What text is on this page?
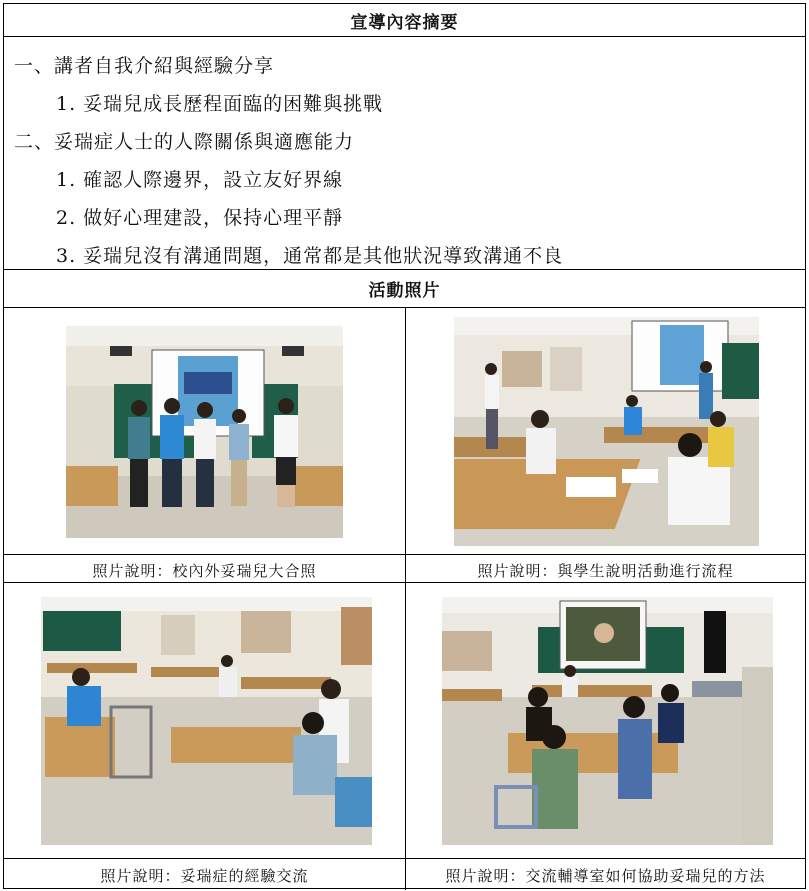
宣導內容摘要
一、講者自我介紹與經驗分享
1. 妥瑞兒成長歷程面臨的困難與挑戰
二、妥瑞症人士的人際關係與適應能力
1. 確認人際邊界，設立友好界線
2. 做好心理建設，保持心理平靜
3. 妥瑞兒沒有溝通問題，通常都是其他狀況導致溝通不良
活動照片
照片說明：校內外妥瑞兒大合照	照片說明：與學生說明活動進行流程
照片說明：妥瑞症的經驗交流	照片說明：交流輔導室如何協助妥瑞兒的方法
